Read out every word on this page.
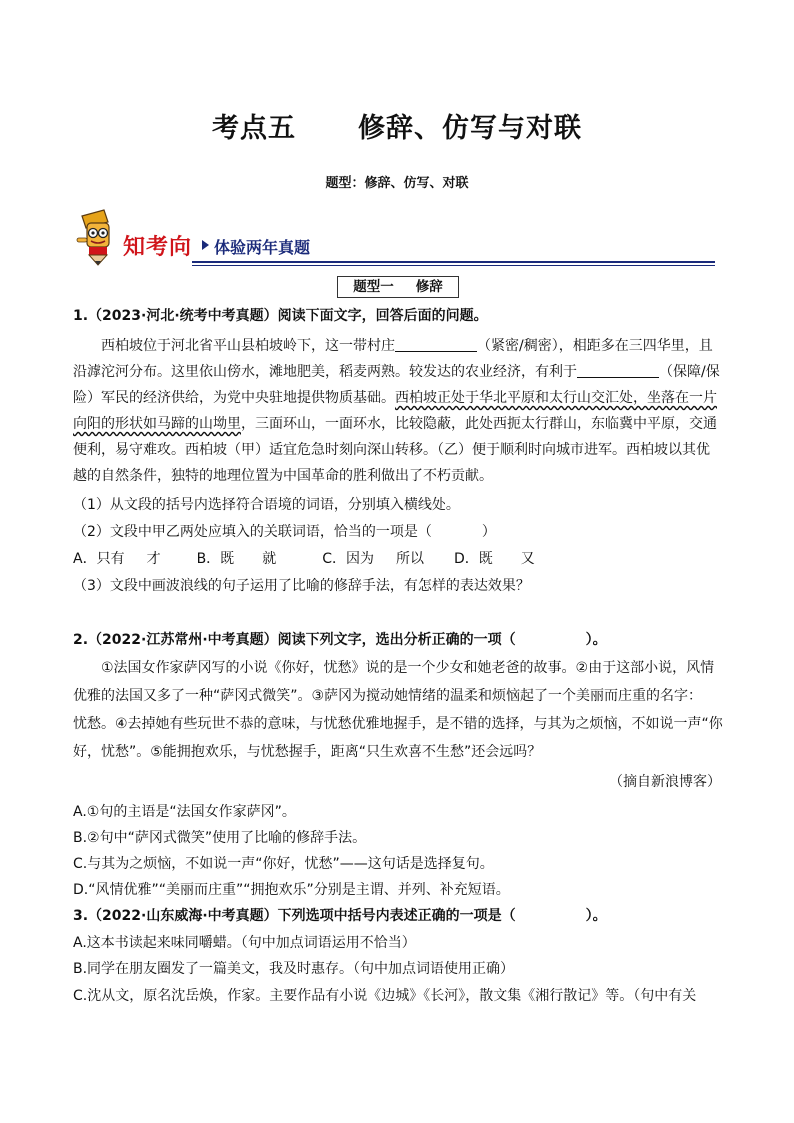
考点五 修辞、仿写与对联
题型：修辞、仿写、对联
知考向 体验两年真题
题型一 修辞
1.（2023·河北·统考中考真题）阅读下面文字，回答后面的问题。
西柏坡位于河北省平山县柏坡岭下，这一带村庄	（紧密/稠密），相距多在三四华里，且
沿滹沱河分布。这里依山傍水，滩地肥美，稻麦两熟。较发达的农业经济，有利于	（保障/保
险）军民的经济供给，为党中央驻地提供物质基础。西柏坡正处于华北平原和太行山交汇处，坐落在一片
向阳的形状如马蹄的山坳里，三面环山，一面环水，比较隐蔽，此处西扼太行群山，东临冀中平原，交通
便利，易守难攻。西柏坡（甲）适宜危急时刻向深山转移。（乙）便于顺利时向城市进军。西柏坡以其优
越的自然条件，独特的地理位置为中国革命的胜利做出了不朽贡献。
（1）从文段的括号内选择符合语境的词语，分别填入横线处。
（2）文段中甲乙两处应填入的关联词语，恰当的一项是（	）
A．只有 才	B．既 就	C．因为 所以 D．既 又
（3）文段中画波浪线的句子运用了比喻的修辞手法，有怎样的表达效果？
2.（2022·江苏常州·中考真题）阅读下列文字，选出分析正确的一项（	）。
①法国女作家萨冈写的小说《你好，忧愁》说的是一个少女和她老爸的故事。②由于这部小说，风情
优雅的法国又多了一种“萨冈式微笑”。③萨冈为搅动她情绪的温柔和烦恼起了一个美丽而庄重的名字：
忧愁。④去掉她有些玩世不恭的意味，与忧愁优雅地握手，是不错的选择，与其为之烦恼，不如说一声“你
好，忧愁”。⑤能拥抱欢乐，与忧愁握手，距离“只生欢喜不生愁”还会远吗？
（摘自新浪博客）
A.①句的主语是“法国女作家萨冈”。
B.②句中“萨冈式微笑”使用了比喻的修辞手法。
C.与其为之烦恼，不如说一声“你好，忧愁”——这句话是选择复句。
D.“风情优雅”“美丽而庄重”“拥抱欢乐”分别是主谓、并列、补充短语。
3.（2022·山东威海·中考真题）下列选项中括号内表述正确的一项是（	）。
A.这本书读起来味同嚼蜡。（句中加点词语运用不恰当）
B.同学在朋友圈发了一篇美文，我及时惠存。（句中加点词语使用正确）
C.沈从文，原名沈岳焕，作家。主要作品有小说《边城》《长河》，散文集《湘行散记》等。（句中有关
